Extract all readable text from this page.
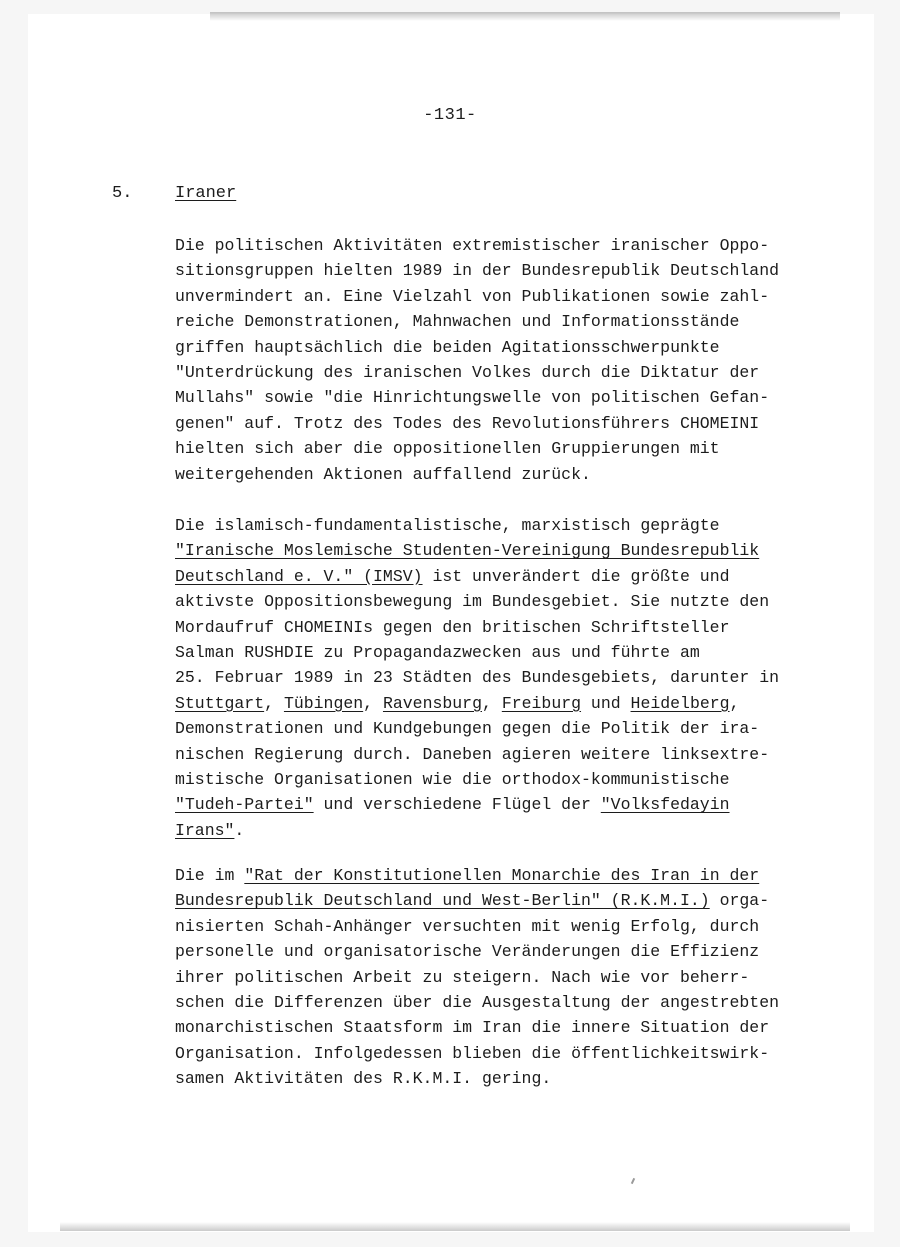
-131-
5.	Iraner
Die politischen Aktivitäten extremistischer iranischer Oppo-
sitionsgruppen hielten 1989 in der Bundesrepublik Deutschland
unvermindert an. Eine Vielzahl von Publikationen sowie zahl-
reiche Demonstrationen, Mahnwachen und Informationsstände
griffen hauptsächlich die beiden Agitationsschwerpunkte
"Unterdrückung des iranischen Volkes durch die Diktatur der
Mullahs" sowie "die Hinrichtungswelle von politischen Gefan-
genen" auf. Trotz des Todes des Revolutionsführers CHOMEINI
hielten sich aber die oppositionellen Gruppierungen mit
weitergehenden Aktionen auffallend zurück.
Die islamisch-fundamentalistische, marxistisch geprägte
"Iranische Moslemische Studenten-Vereinigung Bundesrepublik
Deutschland e. V." (IMSV) ist unverändert die größte und
aktivste Oppositionsbewegung im Bundesgebiet. Sie nutzte den
Mordaufruf CHOMEINIs gegen den britischen Schriftsteller
Salman RUSHDIE zu Propagandazwecken aus und führte am
25. Februar 1989 in 23 Städten des Bundesgebiets, darunter in
Stuttgart, Tübingen, Ravensburg, Freiburg und Heidelberg,
Demonstrationen und Kundgebungen gegen die Politik der ira-
nischen Regierung durch. Daneben agieren weitere linksextre-
mistische Organisationen wie die orthodox-kommunistische
"Tudeh-Partei" und verschiedene Flügel der "Volksfedayin
Irans".
Die im "Rat der Konstitutionellen Monarchie des Iran in der
Bundesrepublik Deutschland und West-Berlin" (R.K.M.I.) orga-
nisierten Schah-Anhänger versuchten mit wenig Erfolg, durch
personelle und organisatorische Veränderungen die Effizienz
ihrer politischen Arbeit zu steigern. Nach wie vor beherr-
schen die Differenzen über die Ausgestaltung der angestrebten
monarchistischen Staatsform im Iran die innere Situation der
Organisation. Infolgedessen blieben die öffentlichkeitswirk-
samen Aktivitäten des R.K.M.I. gering.
